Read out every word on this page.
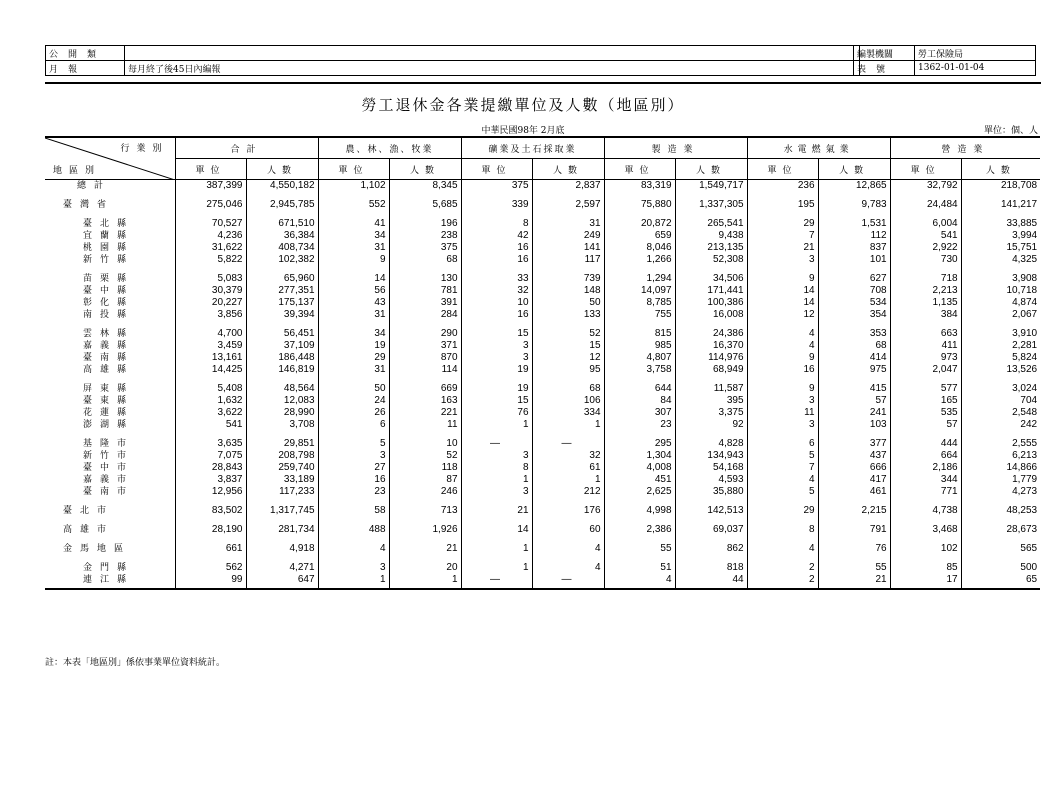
公開類	
月報	每月終了後45日內編報
編製機關	勞工保險局
表號	1362-01-01-04
勞工退休金各業提繳單位及人數（地區別）
中華民國98年 2月底	單位：個、人
行業別
地區別	合計		農、林、漁、牧業		礦業及土石採取業		製造業		水電燃氣業		營造業	
	單位	人數	單位	人數	單位	人數	單位	人數	單位	人數	單位	人數
總計	387,399	4,550,182	1,102	8,345	375	2,837	83,319	1,549,717	236	12,865	32,792	218,708

臺灣省	275,046	2,945,785	552	5,685	339	2,597	75,880	1,337,305	195	9,783	24,484	141,217

臺北縣	70,527	671,510	41	196	8	31	20,872	265,541	29	1,531	6,004	33,885
宜蘭縣	4,236	36,384	34	238	42	249	659	9,438	7	112	541	3,994
桃園縣	31,622	408,734	31	375	16	141	8,046	213,135	21	837	2,922	15,751
新竹縣	5,822	102,382	9	68	16	117	1,266	52,308	3	101	730	4,325

苗栗縣	5,083	65,960	14	130	33	739	1,294	34,506	9	627	718	3,908
臺中縣	30,379	277,351	56	781	32	148	14,097	171,441	14	708	2,213	10,718
彰化縣	20,227	175,137	43	391	10	50	8,785	100,386	14	534	1,135	4,874
南投縣	3,856	39,394	31	284	16	133	755	16,008	12	354	384	2,067

雲林縣	4,700	56,451	34	290	15	52	815	24,386	4	353	663	3,910
嘉義縣	3,459	37,109	19	371	3	15	985	16,370	4	68	411	2,281
臺南縣	13,161	186,448	29	870	3	12	4,807	114,976	9	414	973	5,824
高雄縣	14,425	146,819	31	114	19	95	3,758	68,949	16	975	2,047	13,526

屏東縣	5,408	48,564	50	669	19	68	644	11,587	9	415	577	3,024
臺東縣	1,632	12,083	24	163	15	106	84	395	3	57	165	704
花蓮縣	3,622	28,990	26	221	76	334	307	3,375	11	241	535	2,548
澎湖縣	541	3,708	6	11	1	1	23	92	3	103	57	242

基隆市	3,635	29,851	5	10	—	—	295	4,828	6	377	444	2,555
新竹市	7,075	208,798	3	52	3	32	1,304	134,943	5	437	664	6,213
臺中市	28,843	259,740	27	118	8	61	4,008	54,168	7	666	2,186	14,866
嘉義市	3,837	33,189	16	87	1	1	451	4,593	4	417	344	1,779
臺南市	12,956	117,233	23	246	3	212	2,625	35,880	5	461	771	4,273

臺北市	83,502	1,317,745	58	713	21	176	4,998	142,513	29	2,215	4,738	48,253

高雄市	28,190	281,734	488	1,926	14	60	2,386	69,037	8	791	3,468	28,673

金馬地區	661	4,918	4	21	1	4	55	862	4	76	102	565

金門縣	562	4,271	3	20	1	4	51	818	2	55	85	500
連江縣	99	647	1	1	—	—	4	44	2	21	17	65
註：本表「地區別」係依事業單位資料統計。
